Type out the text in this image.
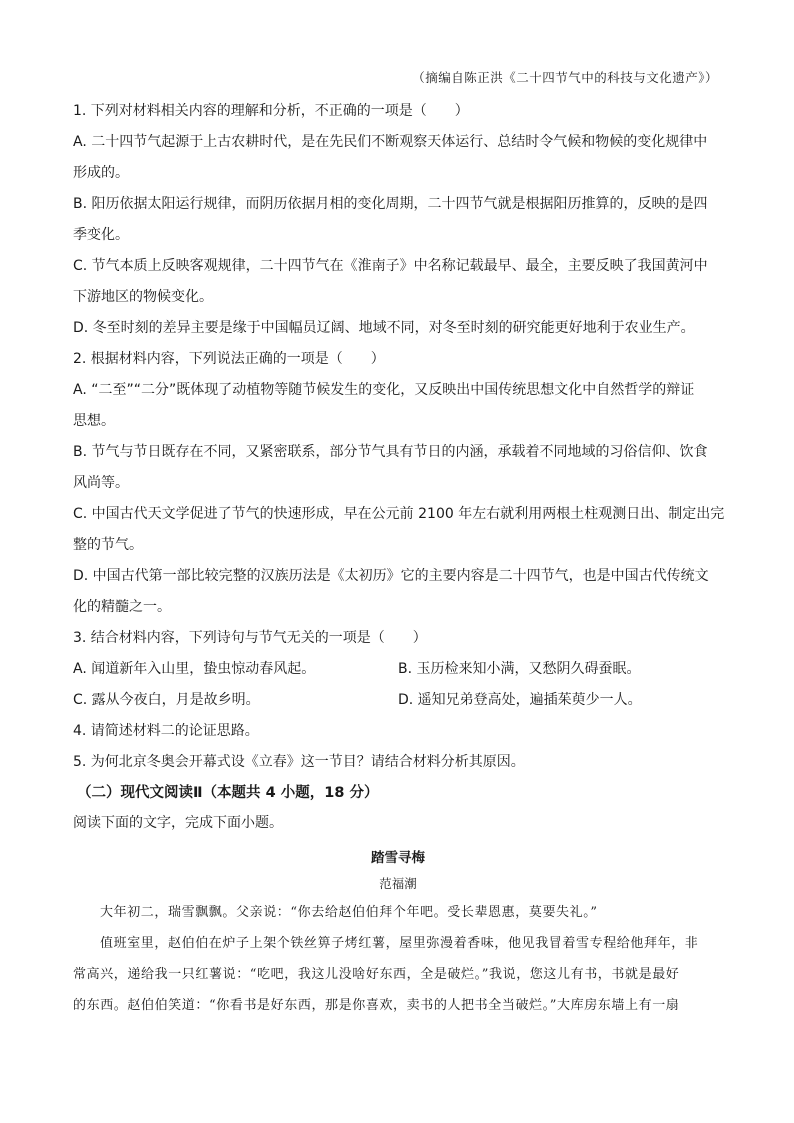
（摘编自陈正洪《二十四节气中的科技与文化遗产》）
1. 下列对材料相关内容的理解和分析，不正确的一项是（　　）
A. 二十四节气起源于上古农耕时代，是在先民们不断观察天体运行、总结时令气候和物候的变化规律中
形成的。
B. 阳历依据太阳运行规律，而阴历依据月相的变化周期，二十四节气就是根据阳历推算的，反映的是四
季变化。
C. 节气本质上反映客观规律，二十四节气在《淮南子》中名称记载最早、最全，主要反映了我国黄河中
下游地区的物候变化。
D. 冬至时刻的差异主要是缘于中国幅员辽阔、地域不同，对冬至时刻的研究能更好地利于农业生产。
2. 根据材料内容，下列说法正确的一项是（　　）
A. “二至”“二分”既体现了动植物等随节候发生的变化，又反映出中国传统思想文化中自然哲学的辩证
思想。
B. 节气与节日既存在不同，又紧密联系，部分节气具有节日的内涵，承载着不同地域的习俗信仰、饮食
风尚等。
C. 中国古代天文学促进了节气的快速形成，早在公元前 2100 年左右就利用两根土柱观测日出、制定出完
整的节气。
D. 中国古代第一部比较完整的汉族历法是《太初历》它的主要内容是二十四节气，也是中国古代传统文
化的精髓之一。
3. 结合材料内容，下列诗句与节气无关的一项是（　　）
A. 闻道新年入山里，蛰虫惊动春风起。	B. 玉历检来知小满，又愁阴久碍蚕眠。
C. 露从今夜白，月是故乡明。	D. 遥知兄弟登高处，遍插茱萸少一人。
4. 请简述材料二的论证思路。
5. 为何北京冬奥会开幕式设《立春》这一节目？请结合材料分析其原因。
（二）现代文阅读Ⅱ（本题共 4 小题，18 分）
阅读下面的文字，完成下面小题。
踏雪寻梅
范福潮
大年初二，瑞雪飘飘。父亲说：“你去给赵伯伯拜个年吧。受长辈恩惠，莫要失礼。”
值班室里，赵伯伯在炉子上架个铁丝箅子烤红薯，屋里弥漫着香味，他见我冒着雪专程给他拜年，非
常高兴，递给我一只红薯说：“吃吧，我这儿没啥好东西，全是破烂。”我说，您这儿有书，书就是最好
的东西。赵伯伯笑道：“你看书是好东西，那是你喜欢，卖书的人把书全当破烂。”大库房东墙上有一扇
